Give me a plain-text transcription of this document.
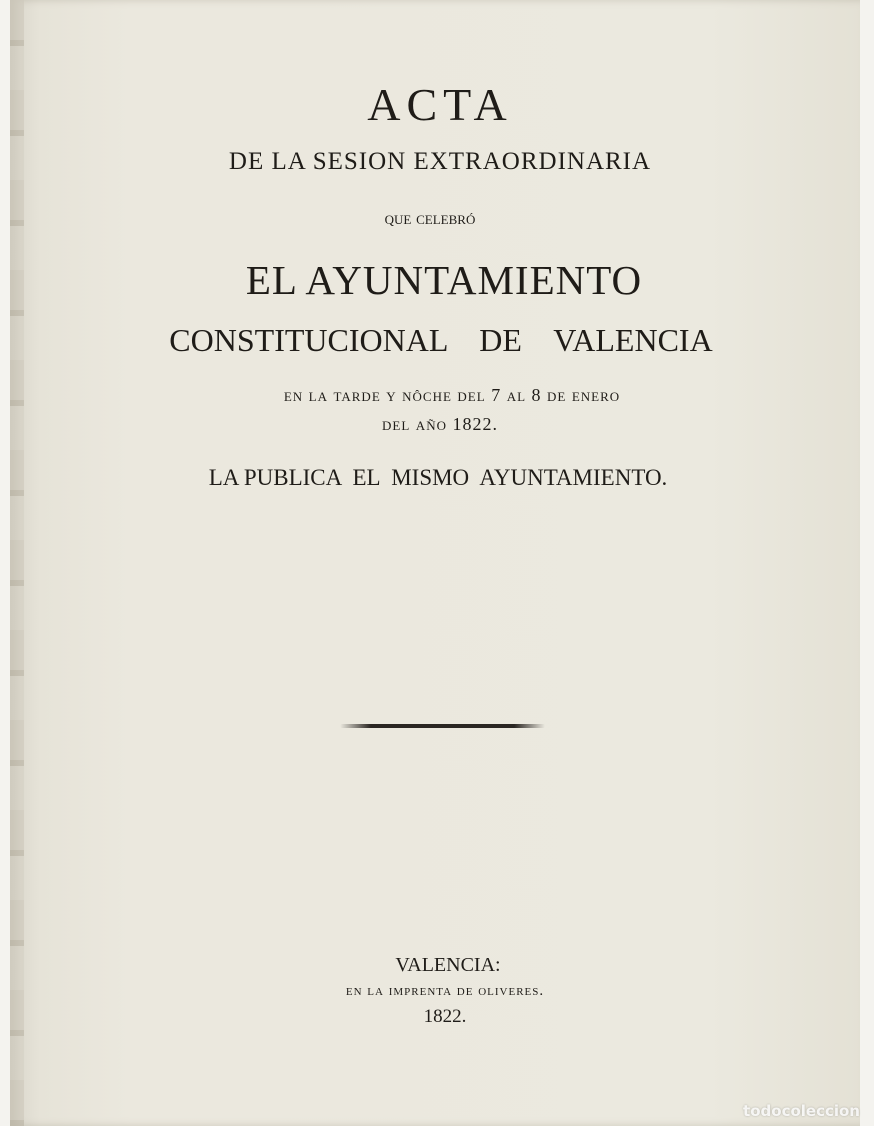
ACTA
DE LA SESION EXTRAORDINARIA
que celebró
EL AYUNTAMIENTO
CONSTITUCIONAL  DE  VALENCIA
en la tarde y nôche del 7 al 8 de enero
del año 1822.
LA PUBLICA  EL  MISMO  AYUNTAMIENTO.
VALENCIA:
en la imprenta de oliveres.
1822.
todocoleccion
